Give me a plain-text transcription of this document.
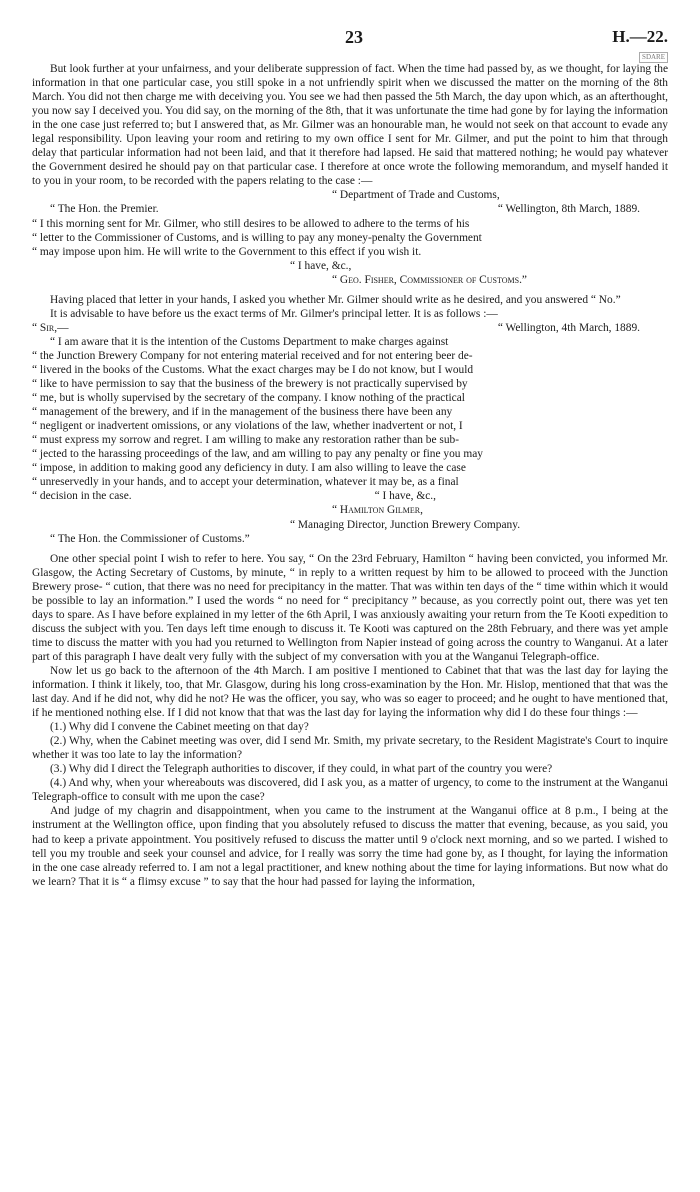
23	H.—22.
SDARE

But look further at your unfairness, and your deliberate suppression of fact. When the time had passed by, as we thought, for laying the information in that one particular case, you still spoke in a not unfriendly spirit when we discussed the matter on the morning of the 8th March. You did not then charge me with deceiving you. You see we had then passed the 5th March, the day upon which, as an afterthought, you now say I deceived you. You did say, on the morning of the 8th, that it was unfortunate the time had gone by for laying the information in the one case just referred to; but I answered that, as Mr. Gilmer was an honourable man, he would not seek on that account to evade any legal responsibility. Upon leaving your room and retiring to my own office I sent for Mr. Gilmer, and put the point to him that through delay that particular information had not been laid, and that it therefore had lapsed. He said that mattered nothing; he would pay whatever the Government desired he should pay on that particular case. I therefore at once wrote the following memorandum, and myself handed it to you in your room, to be recorded with the papers relating to the case :—

“ Department of Trade and Customs,
“ The Hon. the Premier.	“ Wellington, 8th March, 1889.
“ I this morning sent for Mr. Gilmer, who still desires to be allowed to adhere to the terms of his
“ letter to the Commissioner of Customs, and is willing to pay any money-penalty the Government
“ may impose upon him. He will write to the Government to this effect if you wish it.
“ I have, &c.,
“ Geo. Fisher, Commissioner of Customs.”

Having placed that letter in your hands, I asked you whether Mr. Gilmer should write as he desired, and you answered “ No.”

It is advisable to have before us the exact terms of Mr. Gilmer's principal letter. It is as follows :—

“ Sir,—	“ Wellington, 4th March, 1889.
“ I am aware that it is the intention of the Customs Department to make charges against
“ the Junction Brewery Company for not entering material received and for not entering beer de-
“ livered in the books of the Customs. What the exact charges may be I do not know, but I would
“ like to have permission to say that the business of the brewery is not practically supervised by
“ me, but is wholly supervised by the secretary of the company. I know nothing of the practical
“ management of the brewery, and if in the management of the business there have been any
“ negligent or inadvertent omissions, or any violations of the law, whether inadvertent or not, I
“ must express my sorrow and regret. I am willing to make any restoration rather than be sub-
“ jected to the harassing proceedings of the law, and am willing to pay any penalty or fine you may
“ impose, in addition to making good any deficiency in duty. I am also willing to leave the case
“ unreservedly in your hands, and to accept your determination, whatever it may be, as a final
“ decision in the case.	“ I have, &c.,
“ Hamilton Gilmer,
“ Managing Director, Junction Brewery Company.
“ The Hon. the Commissioner of Customs.”

One other special point I wish to refer to here. You say, “ On the 23rd February, Hamilton “ having been convicted, you informed Mr. Glasgow, the Acting Secretary of Customs, by minute, “ in reply to a written request by him to be allowed to proceed with the Junction Brewery prose- “ cution, that there was no need for precipitancy in the matter. That was within ten days of the “ time within which it would be possible to lay an information.” I used the words “ no need for “ precipitancy ” because, as you correctly point out, there was yet ten days to spare. As I have before explained in my letter of the 6th April, I was anxiously awaiting your return from the Te Kooti expedition to discuss the subject with you. Ten days left time enough to discuss it. Te Kooti was captured on the 28th February, and there was yet ample time to discuss the matter with you had you returned to Wellington from Napier instead of going across the country to Wanganui. At a later part of this paragraph I have dealt very fully with the subject of my conversation with you at the Wanganui Telegraph-office.

Now let us go back to the afternoon of the 4th March. I am positive I mentioned to Cabinet that that was the last day for laying the information. I think it likely, too, that Mr. Glasgow, during his long cross-examination by the Hon. Mr. Hislop, mentioned that that was the last day. And if he did not, why did he not? He was the officer, you say, who was so eager to proceed; and he ought to have mentioned that, if he mentioned nothing else. If I did not know that that was the last day for laying the information why did I do these four things :—

(1.) Why did I convene the Cabinet meeting on that day?

(2.) Why, when the Cabinet meeting was over, did I send Mr. Smith, my private secretary, to the Resident Magistrate's Court to inquire whether it was too late to lay the information?

(3.) Why did I direct the Telegraph authorities to discover, if they could, in what part of the country you were?

(4.) And why, when your whereabouts was discovered, did I ask you, as a matter of urgency, to come to the instrument at the Wanganui Telegraph-office to consult with me upon the case?

And judge of my chagrin and disappointment, when you came to the instrument at the Wanganui office at 8 p.m., I being at the instrument at the Wellington office, upon finding that you absolutely refused to discuss the matter that evening, because, as you said, you had to keep a private appointment. You positively refused to discuss the matter until 9 o'clock next morning, and so we parted. I wished to tell you my trouble and seek your counsel and advice, for I really was sorry the time had gone by, as I thought, for laying the information in the one case already referred to. I am not a legal practitioner, and knew nothing about the time for laying informations. But now what do we learn? That it is “ a flimsy excuse ” to say that the hour had passed for laying the information,
